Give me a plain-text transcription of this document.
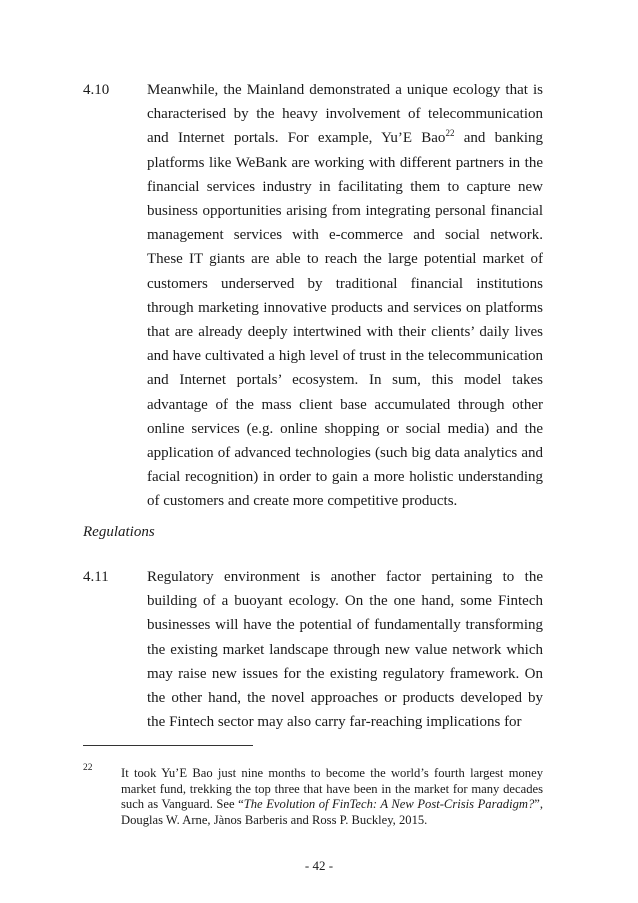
4.10	Meanwhile, the Mainland demonstrated a unique ecology that is characterised by the heavy involvement of telecommunication and Internet portals. For example, Yu’E Bao$^{22}$ and banking platforms like WeBank are working with different partners in the financial services industry in facilitating them to capture new business opportunities arising from integrating personal financial management services with e-commerce and social network. These IT giants are able to reach the large potential market of customers underserved by traditional financial institutions through marketing innovative products and services on platforms that are already deeply intertwined with their clients’ daily lives and have cultivated a high level of trust in the telecommunication and Internet portals’ ecosystem. In sum, this model takes advantage of the mass client base accumulated through other online services (e.g. online shopping or social media) and the application of advanced technologies (such big data analytics and facial recognition) in order to gain a more holistic understanding of customers and create more competitive products.
Regulations
4.11	Regulatory environment is another factor pertaining to the building of a buoyant ecology. On the one hand, some Fintech businesses will have the potential of fundamentally transforming the existing market landscape through new value network which may raise new issues for the existing regulatory framework. On the other hand, the novel approaches or products developed by the Fintech sector may also carry far-reaching implications for
22 It took Yu’E Bao just nine months to become the world’s fourth largest money market fund, trekking the top three that have been in the market for many decades such as Vanguard. See “The Evolution of FinTech: A New Post-Crisis Paradigm?”, Douglas W. Arne, Jànos Barberis and Ross P. Buckley, 2015.
- 42 -
